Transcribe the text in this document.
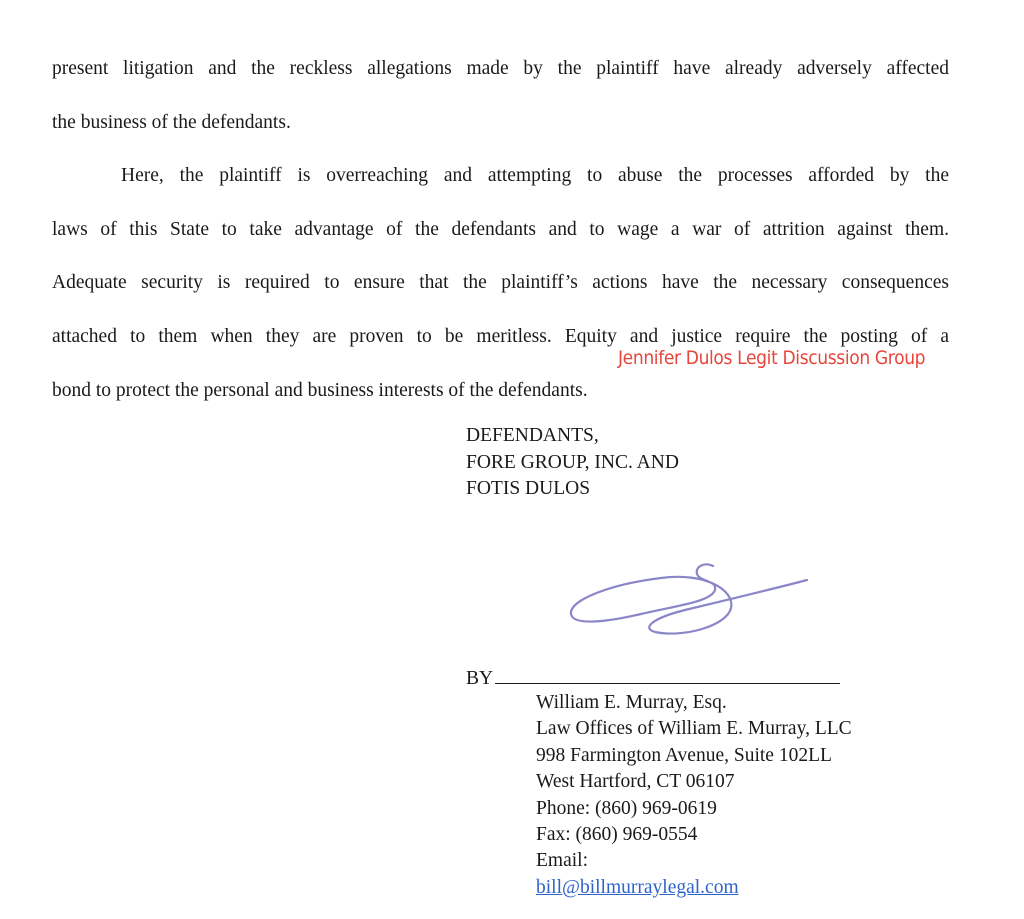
present litigation and the reckless allegations made by the plaintiff have already adversely affected
the business of the defendants.
Here, the plaintiff is overreaching and attempting to abuse the processes afforded by the
laws of this State to take advantage of the defendants and to wage a war of attrition against them.
Adequate security is required to ensure that the plaintiff’s actions have the necessary consequences
attached to them when they are proven to be meritless. Equity and justice require the posting of a
bond to protect the personal and business interests of the defendants.
Jennifer Dulos Legit Discussion Group
DEFENDANTS,
FORE GROUP, INC. AND
FOTIS DULOS
BY
William E. Murray, Esq.
Law Offices of William E. Murray, LLC
998 Farmington Avenue, Suite 102LL
West Hartford, CT 06107
Phone: (860) 969-0619
Fax: (860) 969-0554
Email:
bill@billmurraylegal.com
